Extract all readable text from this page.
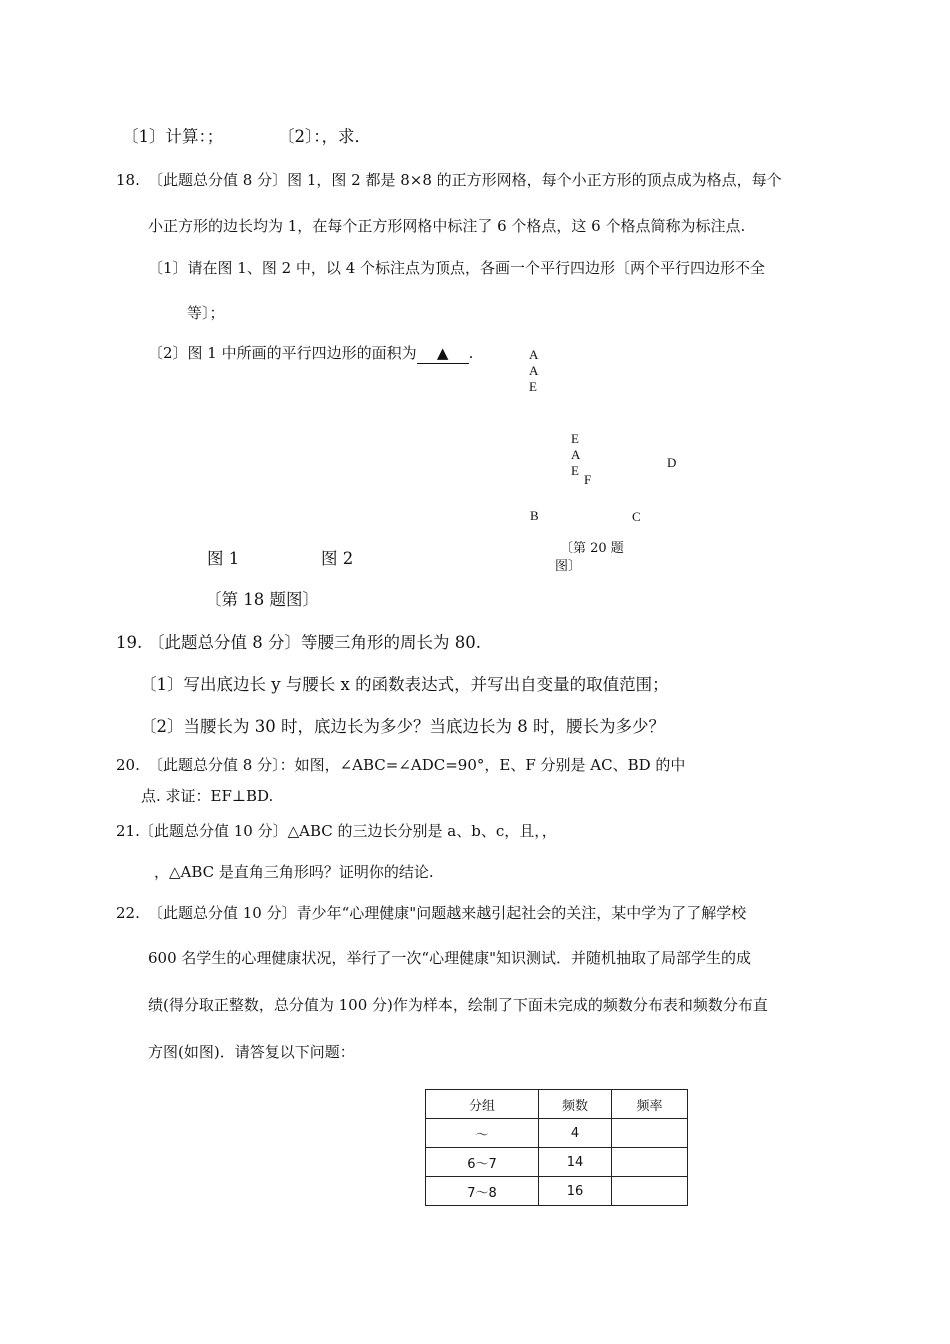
〔1〕计算：；	〔2〕：，求．
18. 〔此题总分值 8 分〕图 1，图 2 都是 8×8 的正方形网格，每个小正方形的顶点成为格点，每个
小正方形的边长均为 1，在每个正方形网格中标注了 6 个格点，这 6 个格点简称为标注点.
〔1〕请在图 1、图 2 中，以 4 个标注点为顶点，各画一个平行四边形〔两个平行四边形不全
等〕；
〔2〕图 1 中所画的平行四边形的面积为 ▲ .	A
A
E
E
A
E
F
D
B	C
〔第 20 题
图〕
图 1	图 2
〔第 18 题图〕
19. 〔此题总分值 8 分〕等腰三角形的周长为 80.
〔1〕写出底边长 y 与腰长 x 的函数表达式，并写出自变量的取值范围；
〔2〕当腰长为 30 时，底边长为多少？当底边长为 8 时，腰长为多少？
20. 〔此题总分值 8 分〕：如图，∠ABC=∠ADC=90°，E、F 分别是 AC、BD 的中
点. 求证：EF⊥BD.
21. 〔此题总分值 10 分〕△ABC 的三边长分别是 a、b、c，且，，
，△ABC 是直角三角形吗？证明你的结论.
22. 〔此题总分值 10 分〕青少年“心理健康"问题越来越引起社会的关注，某中学为了了解学校
600 名学生的心理健康状况，举行了一次“心理健康"知识测试．并随机抽取了局部学生的成
绩(得分取正整数，总分值为 100 分)作为样本，绘制了下面未完成的频数分布表和频数分布直
方图(如图)．请答复以下问题：
分组	频数	频率
～	4	
6～7	14	
7～8	16	
